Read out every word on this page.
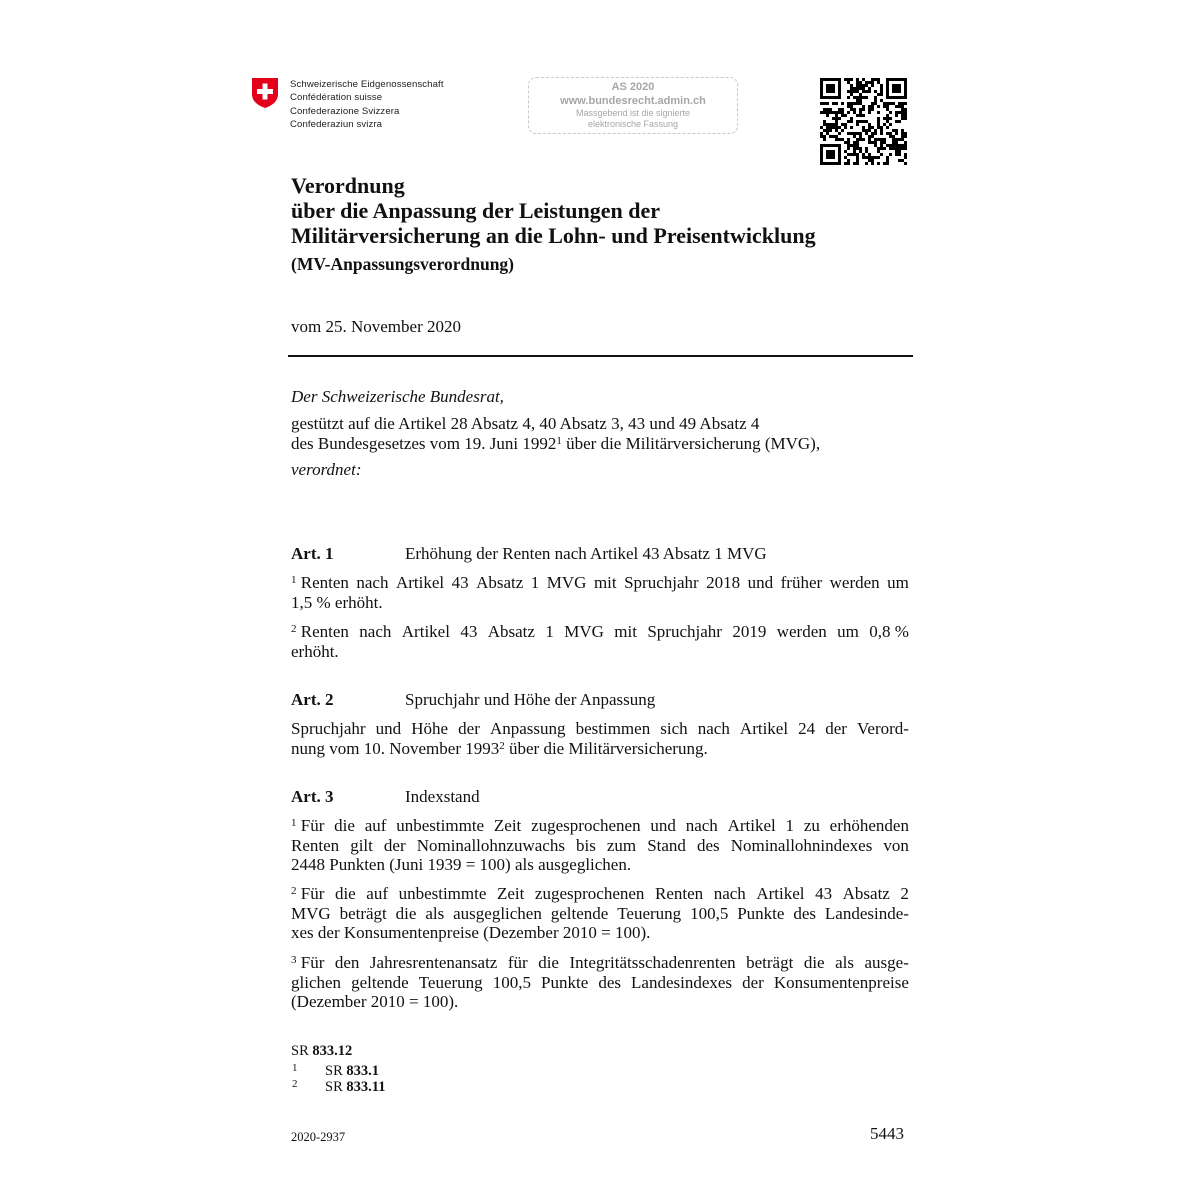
Schweizerische Eidgenossenschaft
Confédération suisse
Confederazione Svizzera
Confederaziun svizra
AS 2020
www.bundesrecht.admin.ch
Massgebend ist die signierte
elektronische Fassung
Verordnung
über die Anpassung der Leistungen der
Militärversicherung an die Lohn- und Preisentwicklung
(MV-Anpassungsverordnung)
vom 25. November 2020
Der Schweizerische Bundesrat,
gestützt auf die Artikel 28 Absatz 4, 40 Absatz 3, 43 und 49 Absatz 4
des Bundesgesetzes vom 19. Juni 1992$^1$ über die Militärversicherung (MVG),
verordnet:
Art. 1	Erhöhung der Renten nach Artikel 43 Absatz 1 MVG
$^1$ Renten nach Artikel 43 Absatz 1 MVG mit Spruchjahr 2018 und früher werden um
1,5 % erhöht.
$^2$ Renten nach Artikel 43 Absatz 1 MVG mit Spruchjahr 2019 werden um 0,8 %
erhöht.
Art. 2	Spruchjahr und Höhe der Anpassung
Spruchjahr und Höhe der Anpassung bestimmen sich nach Artikel 24 der Verord-
nung vom 10. November 1993$^2$ über die Militärversicherung.
Art. 3	Indexstand
$^1$ Für die auf unbestimmte Zeit zugesprochenen und nach Artikel 1 zu erhöhenden
Renten gilt der Nominallohnzuwachs bis zum Stand des Nominallohnindexes von
2448 Punkten (Juni 1939 = 100) als ausgeglichen.
$^2$ Für die auf unbestimmte Zeit zugesprochenen Renten nach Artikel 43 Absatz 2
MVG beträgt die als ausgeglichen geltende Teuerung 100,5 Punkte des Landesinde-
xes der Konsumentenpreise (Dezember 2010 = 100).
$^3$ Für den Jahresrentenansatz für die Integritätsschadenrenten beträgt die als ausge-
glichen geltende Teuerung 100,5 Punkte des Landesindexes der Konsumentenpreise
(Dezember 2010 = 100).
SR 833.12
1 SR 833.1
2 SR 833.11
2020-2937	5443
